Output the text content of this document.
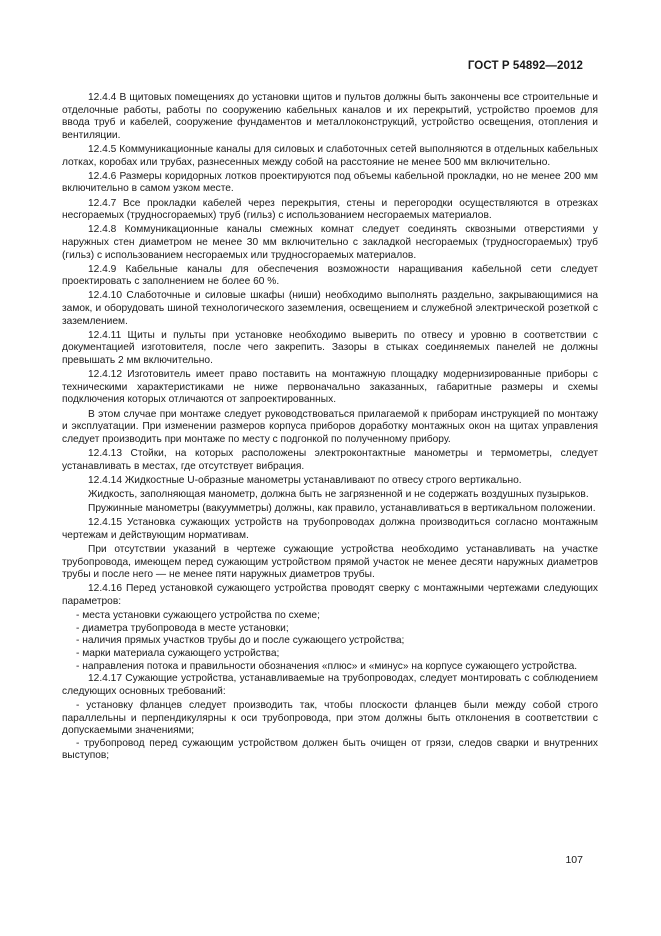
ГОСТ Р 54892—2012

12.4.4 В щитовых помещениях до установки щитов и пультов должны быть закончены все строительные и отделочные работы, работы по сооружению кабельных каналов и их перекрытий, устройство проемов для ввода труб и кабелей, сооружение фундаментов и металлоконструкций, устройство освещения, отопления и вентиляции.

12.4.5 Коммуникационные каналы для силовых и слаботочных сетей выполняются в отдельных кабельных лотках, коробах или трубах, разнесенных между собой на расстояние не менее 500 мм включительно.

12.4.6 Размеры коридорных лотков проектируются под объемы кабельной прокладки, но не менее 200 мм включительно в самом узком месте.

12.4.7 Все прокладки кабелей через перекрытия, стены и перегородки осуществляются в отрезках несгораемых (трудносгораемых) труб (гильз) с использованием несгораемых материалов.

12.4.8 Коммуникационные каналы смежных комнат следует соединять сквозными отверстиями у наружных стен диаметром не менее 30 мм включительно с закладкой несгораемых (трудносгораемых) труб (гильз) с использованием несгораемых или трудносгораемых материалов.

12.4.9 Кабельные каналы для обеспечения возможности наращивания кабельной сети следует проектировать с заполнением не более 60 %.

12.4.10 Слаботочные и силовые шкафы (ниши) необходимо выполнять раздельно, закрывающимися на замок, и оборудовать шиной технологического заземления, освещением и служебной электрической розеткой с заземлением.

12.4.11 Щиты и пульты при установке необходимо выверить по отвесу и уровню в соответствии с документацией изготовителя, после чего закрепить. Зазоры в стыках соединяемых панелей не должны превышать 2 мм включительно.

12.4.12 Изготовитель имеет право поставить на монтажную площадку модернизированные приборы с техническими характеристиками не ниже первоначально заказанных, габаритные размеры и схемы подключения которых отличаются от запроектированных.

В этом случае при монтаже следует руководствоваться прилагаемой к приборам инструкцией по монтажу и эксплуатации. При изменении размеров корпуса приборов доработку монтажных окон на щитах управления следует производить при монтаже по месту с подгонкой по полученному прибору.

12.4.13 Стойки, на которых расположены электроконтактные манометры и термометры, следует устанавливать в местах, где отсутствует вибрация.

12.4.14 Жидкостные U-образные манометры устанавливают по отвесу строго вертикально.

Жидкость, заполняющая манометр, должна быть не загрязненной и не содержать воздушных пузырьков.

Пружинные манометры (вакуумметры) должны, как правило, устанавливаться в вертикальном положении.

12.4.15 Установка сужающих устройств на трубопроводах должна производиться согласно монтажным чертежам и действующим нормативам.

При отсутствии указаний в чертеже сужающие устройства необходимо устанавливать на участке трубопровода, имеющем перед сужающим устройством прямой участок не менее десяти наружных диаметров трубы и после него — не менее пяти наружных диаметров трубы.

12.4.16 Перед установкой сужающего устройства проводят сверку с монтажными чертежами следующих параметров:

- места установки сужающего устройства по схеме;

- диаметра трубопровода в месте установки;

- наличия прямых участков трубы до и после сужающего устройства;

- марки материала сужающего устройства;

- направления потока и правильности обозначения «плюс» и «минус» на корпусе сужающего устройства.

12.4.17 Сужающие устройства, устанавливаемые на трубопроводах, следует монтировать с соблюдением следующих основных требований:

- установку фланцев следует производить так, чтобы плоскости фланцев были между собой строго параллельны и перпендикулярны к оси трубопровода, при этом должны быть отклонения в соответствии с допускаемыми значениями;

- трубопровод перед сужающим устройством должен быть очищен от грязи, следов сварки и внутренних выступов;

107
